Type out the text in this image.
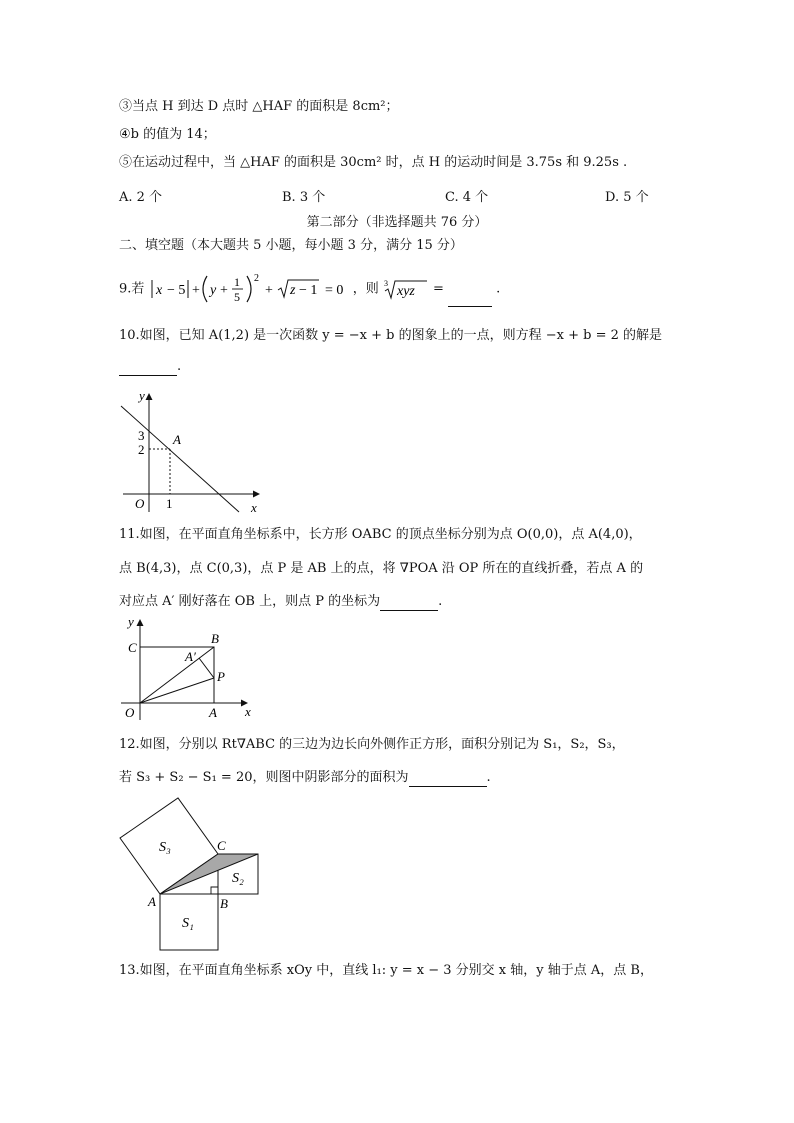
③当点 H 到达 D 点时 △HAF 的面积是 8cm²；
④b 的值为 14；
⑤在运动过程中，当 △HAF 的面积是 30cm² 时，点 H 的运动时间是 3.75s 和 9.25s .
A. 2 个	B. 3 个	C. 4 个	D. 5 个
第二部分（非选择题共 76 分）
二、填空题（本大题共 5 小题，每小题 3 分，满分 15 分）
9.若 x − 5 + y +
1
5
2
+ z − 1 = 0 ，则 3
xyz =	.
10.如图，已知 A(1,2) 是一次函数 y = −x + b 的图象上的一点，则方程 −x + b = 2 的解是
.
y
x
O
3
2
1
A
11.如图，在平面直角坐标系中，长方形 OABC 的顶点坐标分别为点 O(0,0)，点 A(4,0)，
点 B(4,3)，点 C(0,3)，点 P 是 AB 上的点，将 ∇POA 沿 OP 所在的直线折叠，若点 A 的
对应点 A′ 刚好落在 OB 上，则点 P 的坐标为	.
y
x
O	A
B
C
P
A′
12.如图，分别以 Rt∇ABC 的三边为边长向外侧作正方形，面积分别记为 S₁，S₂，S₃，
若 S₃ + S₂ − S₁ = 20，则图中阴影部分的面积为	.
S₃
S₂
S₁
A	B
C
13.如图，在平面直角坐标系 xOy 中，直线 l₁: y = x − 3 分别交 x 轴，y 轴于点 A，点 B，
